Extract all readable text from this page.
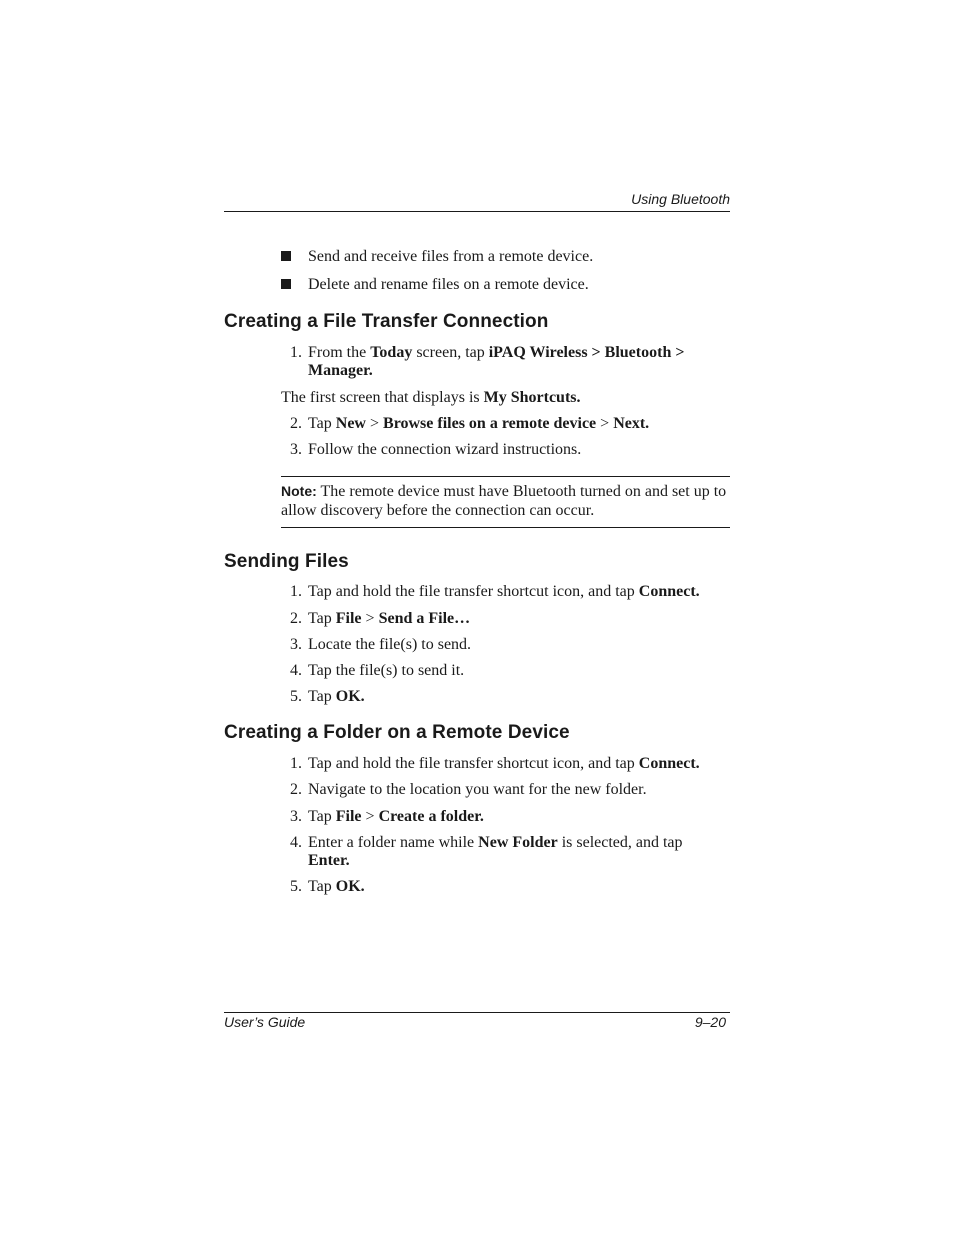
Using Bluetooth
Send and receive files from a remote device.
Delete and rename files on a remote device.
Creating a File Transfer Connection
1. From the Today screen, tap iPAQ Wireless > Bluetooth >
Manager.
The first screen that displays is My Shortcuts.
2. Tap New > Browse files on a remote device > Next.
3. Follow the connection wizard instructions.
Note: The remote device must have Bluetooth turned on and set up to allow discovery before the connection can occur.
Sending Files
1. Tap and hold the file transfer shortcut icon, and tap Connect.
2. Tap File > Send a File…
3. Locate the file(s) to send.
4. Tap the file(s) to send it.
5. Tap OK.
Creating a Folder on a Remote Device
1. Tap and hold the file transfer shortcut icon, and tap Connect.
2. Navigate to the location you want for the new folder.
3. Tap File > Create a folder.
4. Enter a folder name while New Folder is selected, and tap
Enter.
5. Tap OK.
User’s Guide	9–20
